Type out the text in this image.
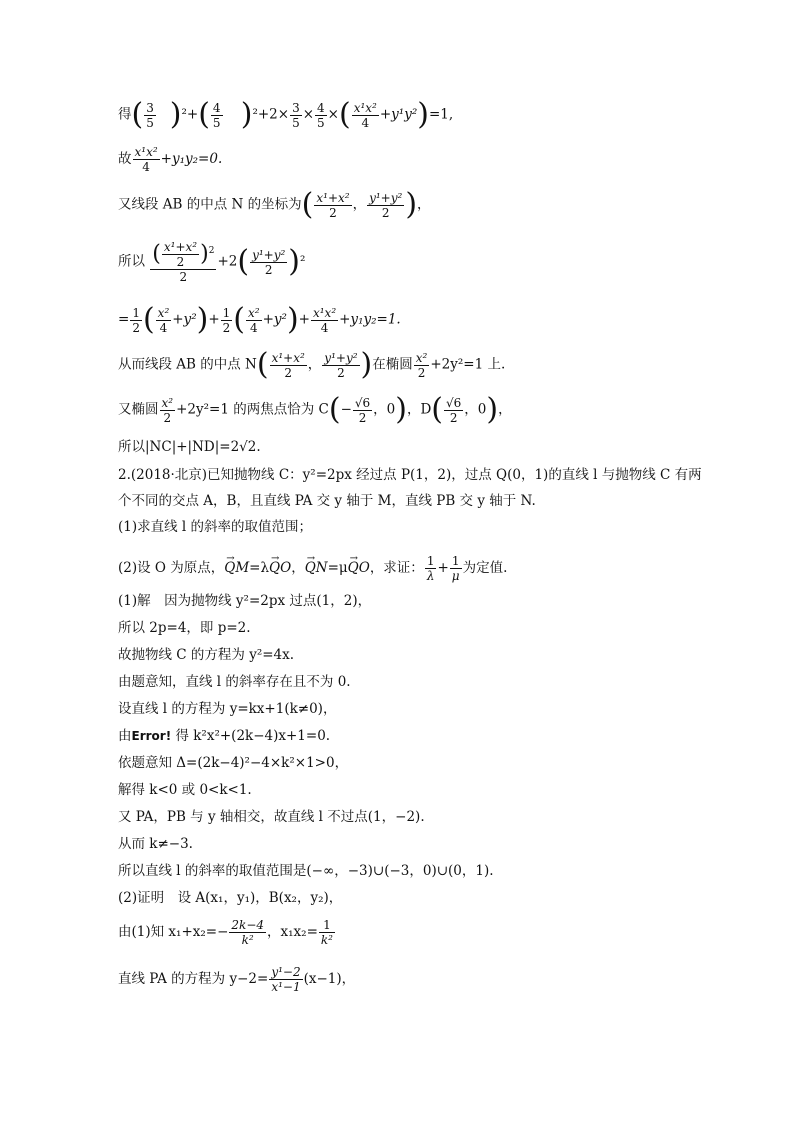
得( $\frac{3}{5} )^2+( \frac{4}{5} )^2+2\times \frac{3}{5} \times \frac{4}{5}$ ×( $\frac{\text{x¹x²}}{4} +y^1y^2)=1$,
故 $\frac{\text{x¹x²}}{4} +y_1y_2=0$.
又线段 AB 的中点 N 的坐标为( $\frac{\text{x¹+x²}}{2}$ ， $\frac{\text{y¹+y²}}{2}$ )，
所以 $\frac{( \frac{\text{x¹+x²}}{2} )^2}{2} +2( \frac{\text{y¹+y²}}{2} )^2$
= $\frac{1}{2}$ ( $\frac{\text{x²}}{4} +y^2)+ \frac{1}{2}$ ( $\frac{\text{x²}}{4} +y^2)+ \frac{\text{x¹x²}}{4} +y_1y_2=1$.
从而线段 AB 的中点 $N( \frac{\text{x¹+x²}}{2}$ ， $\frac{\text{y¹+y²}}{2}$ )在椭圆 $\frac{\text{x²}}{2} +2y^2=1$ 上.
又椭圆 $\frac{\text{x²}}{2} +2y^2=1$ 的两焦点恰为 $C(- \frac{√6}{2}$ ，0)，$D( \frac{√6}{2}$ ，0)，
所以|NC|+|ND|=2√2.
2.(2018·北京)已知抛物线 C：y²=2px 经过点 P(1，2)，过点 Q(0，1)的直线 l 与抛物线 C 有两
个不同的交点 A，B，且直线 PA 交 y 轴于 M，直线 PB 交 y 轴于 N.
(1)求直线 l 的斜率的取值范围；
(2)设 O 为原点，→ QM=λ→ QO，→ QN=μ→ QO，求证： $\frac{1}{\lambda} + \frac{1}{\mu}$ 为定值.
(1)解　因为抛物线 y²=2px 过点(1，2)，
所以 2p=4，即 p=2.
故抛物线 C 的方程为 y²=4x.
由题意知，直线 l 的斜率存在且不为 0.
设直线 l 的方程为 y=kx+1(k≠0)，
由Error! 得 k²x²+(2k−4)x+1=0.
依题意知 Δ=(2k−4)²−4×k²×1>0，
解得 k<0 或 0<k<1.
又 PA，PB 与 y 轴相交，故直线 l 不过点(1，−2).
从而 k≠−3.
所以直线 l 的斜率的取值范围是(−∞，−3)∪(−3，0)∪(0，1).
(2)证明　设 A(x₁，y₁)，B(x₂，y₂)，
由(1)知 $x_1+x_2=- \frac{2k-4}{\text{k²}}$ ，$x_1x_2= \frac{1}{\text{k²}}$
直线 PA 的方程为 $y-2= \frac{\text{y¹−2}}{\text{x¹−1}} (x-1)$，
